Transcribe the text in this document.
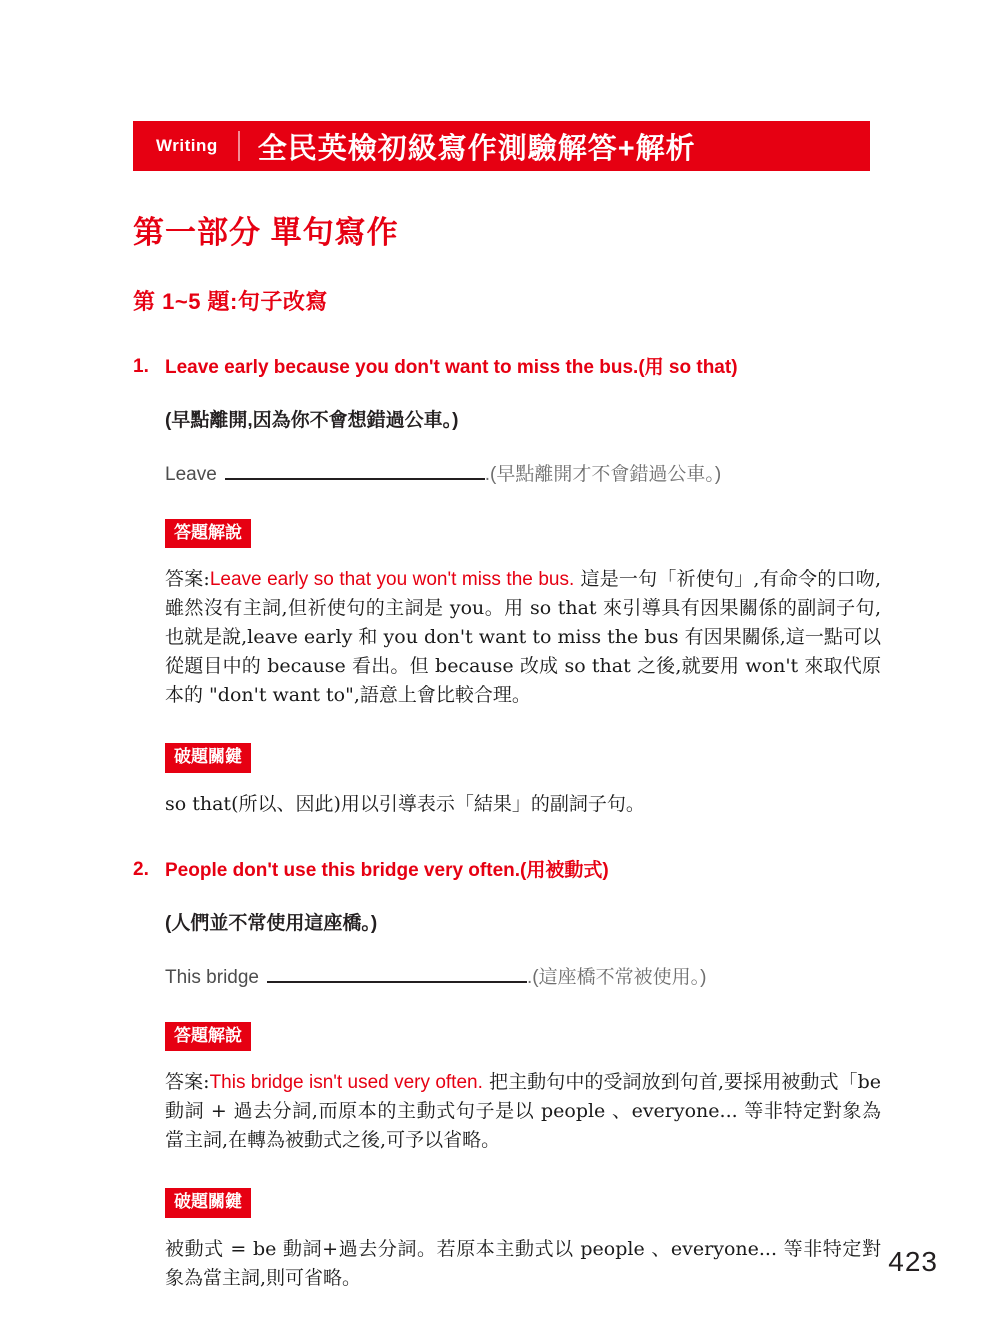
Writing	全民英檢初級寫作測驗解答+解析
第一部分 單句寫作
第 1~5 題:句子改寫
1. Leave early because you don't want to miss the bus.(用 so that)
(早點離開,因為你不會想錯過公車。)
Leave	.(早點離開才不會錯過公車。)
答題解說

答案:Leave early so that you won't miss the bus. 這是一句「祈使句」,有命令的口吻,雖然沒有主詞,但祈使句的主詞是 you。用 so that 來引導具有因果關係的副詞子句,也就是說,leave early 和 you don't want to miss the bus 有因果關係,這一點可以從題目中的 because 看出。但 because 改成 so that 之後,就要用 won't 來取代原本的 "don't want to",語意上會比較合理。

破題關鍵

so that(所以、因此)用以引導表示「結果」的副詞子句。

2. People don't use this bridge very often.(用被動式)
(人們並不常使用這座橋。)
This bridge	.(這座橋不常被使用。)
答題解說

答案:This bridge isn't used very often. 把主動句中的受詞放到句首,要採用被動式「be 動詞 + 過去分詞,而原本的主動式句子是以 people 、everyone... 等非特定對象為當主詞,在轉為被動式之後,可予以省略。

破題關鍵

被動式 = be 動詞+過去分詞。若原本主動式以 people 、everyone... 等非特定對象為當主詞,則可省略。

423
